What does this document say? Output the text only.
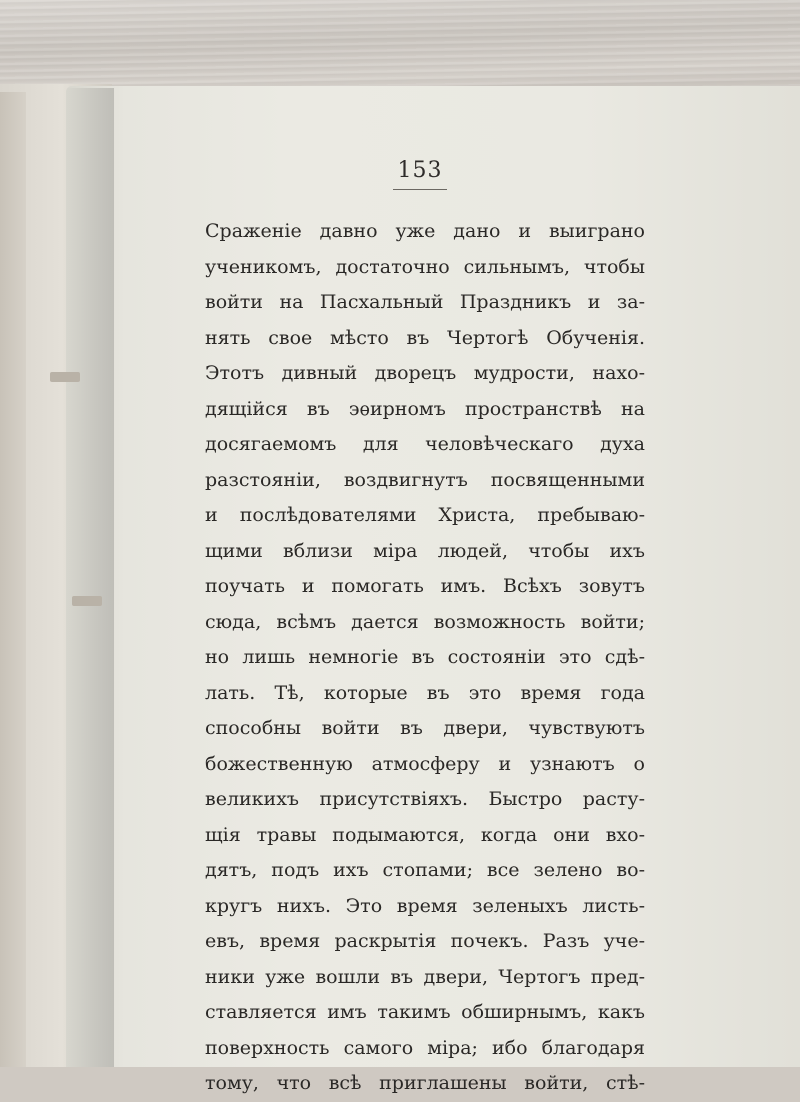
153
Сраженіе давно уже дано и выиграно
ученикомъ, достаточно сильнымъ, чтобы
войти на Пасхальный Праздникъ и за-
нять свое мѣсто въ Чертогѣ Обученія.
Этотъ дивный дворецъ мудрости, нахо-
дящійся въ эѳирномъ пространствѣ на
досягаемомъ для человѣческаго духа
разстояніи, воздвигнутъ посвященными
и послѣдователями Христа, пребываю-
щими вблизи міра людей, чтобы ихъ
поучать и помогать имъ. Всѣхъ зовутъ
сюда, всѣмъ дается возможность войти;
но лишь немногіе въ состояніи это сдѣ-
лать. Тѣ, которые въ это время года
способны войти въ двери, чувствуютъ
божественную атмосферу и узнаютъ о
великихъ присутствіяхъ. Быстро расту-
щія травы подымаются, когда они вхо-
дятъ, подъ ихъ стопами; все зелено во-
кругъ нихъ. Это время зеленыхъ листь-
евъ, время раскрытія почекъ. Разъ уче-
ники уже вошли въ двери, Чертогъ пред-
ставляется имъ такимъ обширнымъ, какъ
поверхность самого міра; ибо благодаря
тому, что всѣ приглашены войти, стѣ-
